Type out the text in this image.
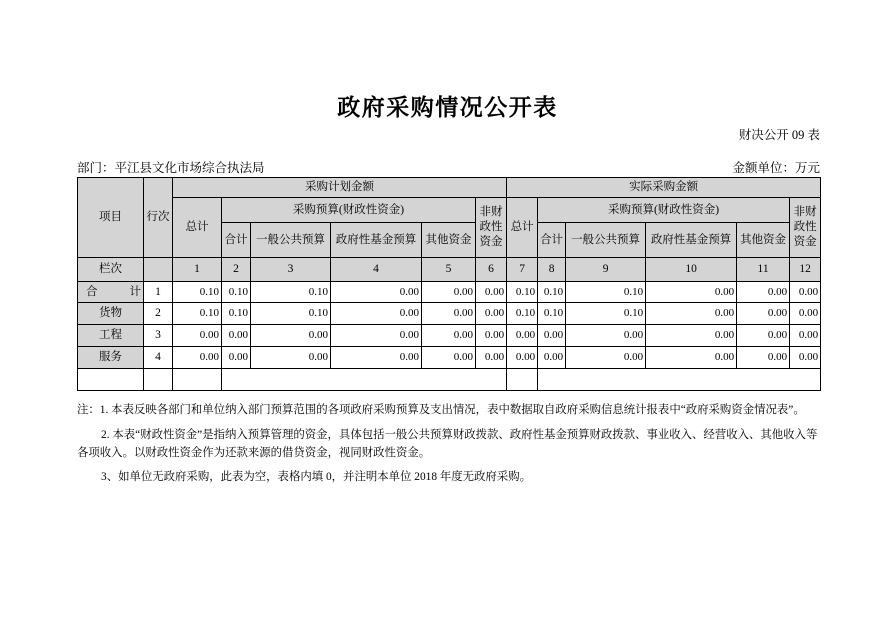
政府采购情况公开表
财决公开 09 表
部门：平江县文化市场综合执法局	金额单位：万元
项目	行次	采购计划金额						实际采购金额					
		总计	采购预算(财政性资金)				非财政性资金	总计	采购预算(财政性资金)				非财政性资金
			合计	一般公共预算	政府性基金预算	其他资金			合计	一般公共预算	政府性基金预算	其他资金	
栏次		1	2	3	4	5	6	7	8	9	10	11	12
合计	1	0.10	0.10	0.10	0.00	0.00	0.00	0.10	0.10	0.10	0.00	0.00	0.00
货物	2	0.10	0.10	0.10	0.00	0.00	0.00	0.10	0.10	0.10	0.00	0.00	0.00
工程	3	0.00	0.00	0.00	0.00	0.00	0.00	0.00	0.00	0.00	0.00	0.00	0.00
服务	4	0.00	0.00	0.00	0.00	0.00	0.00	0.00	0.00	0.00	0.00	0.00	0.00

注：1. 本表反映各部门和单位纳入部门预算范围的各项政府采购预算及支出情况，表中数据取自政府采购信息统计报表中“政府采购资金情况表”。

2. 本表“财政性资金”是指纳入预算管理的资金，具体包括一般公共预算财政拨款、政府性基金预算财政拨款、事业收入、经营收入、其他收入等各项收入。以财政性资金作为还款来源的借贷资金，视同财政性资金。

3、如单位无政府采购，此表为空，表格内填 0，并注明本单位 2018 年度无政府采购。
